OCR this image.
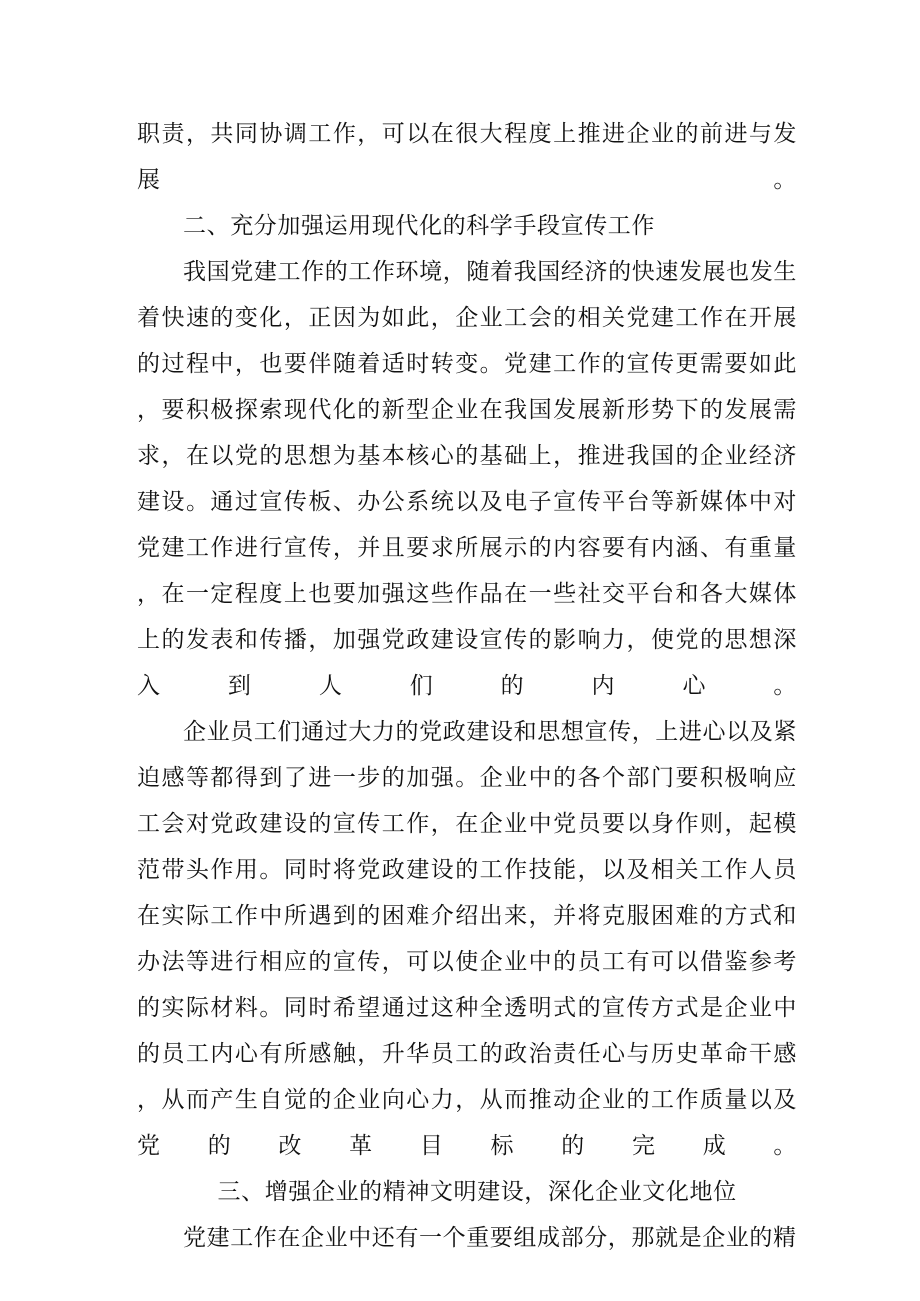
职责，共同协调工作，可以在很大程度上推进企业的前进与发展。

二、充分加强运用现代化的科学手段宣传工作

我国党建工作的工作环境，随着我国经济的快速发展也发生着快速的变化，正因为如此，企业工会的相关党建工作在开展的过程中，也要伴随着适时转变。党建工作的宣传更需要如此，要积极探索现代化的新型企业在我国发展新形势下的发展需求，在以党的思想为基本核心的基础上，推进我国的企业经济建设。通过宣传板、办公系统以及电子宣传平台等新媒体中对党建工作进行宣传，并且要求所展示的内容要有内涵、有重量，在一定程度上也要加强这些作品在一些社交平台和各大媒体上的发表和传播，加强党政建设宣传的影响力，使党的思想深入到人们的内心。

企业员工们通过大力的党政建设和思想宣传，上进心以及紧迫感等都得到了进一步的加强。企业中的各个部门要积极响应工会对党政建设的宣传工作，在企业中党员要以身作则，起模范带头作用。同时将党政建设的工作技能，以及相关工作人员在实际工作中所遇到的困难介绍出来，并将克服困难的方式和办法等进行相应的宣传，可以使企业中的员工有可以借鉴参考的实际材料。同时希望通过这种全透明式的宣传方式是企业中的员工内心有所感触，升华员工的政治责任心与历史革命干感，从而产生自觉的企业向心力，从而推动企业的工作质量以及党的改革目标的完成。

三、增强企业的精神文明建设，深化企业文化地位

党建工作在企业中还有一个重要组成部分，那就是企业的精
